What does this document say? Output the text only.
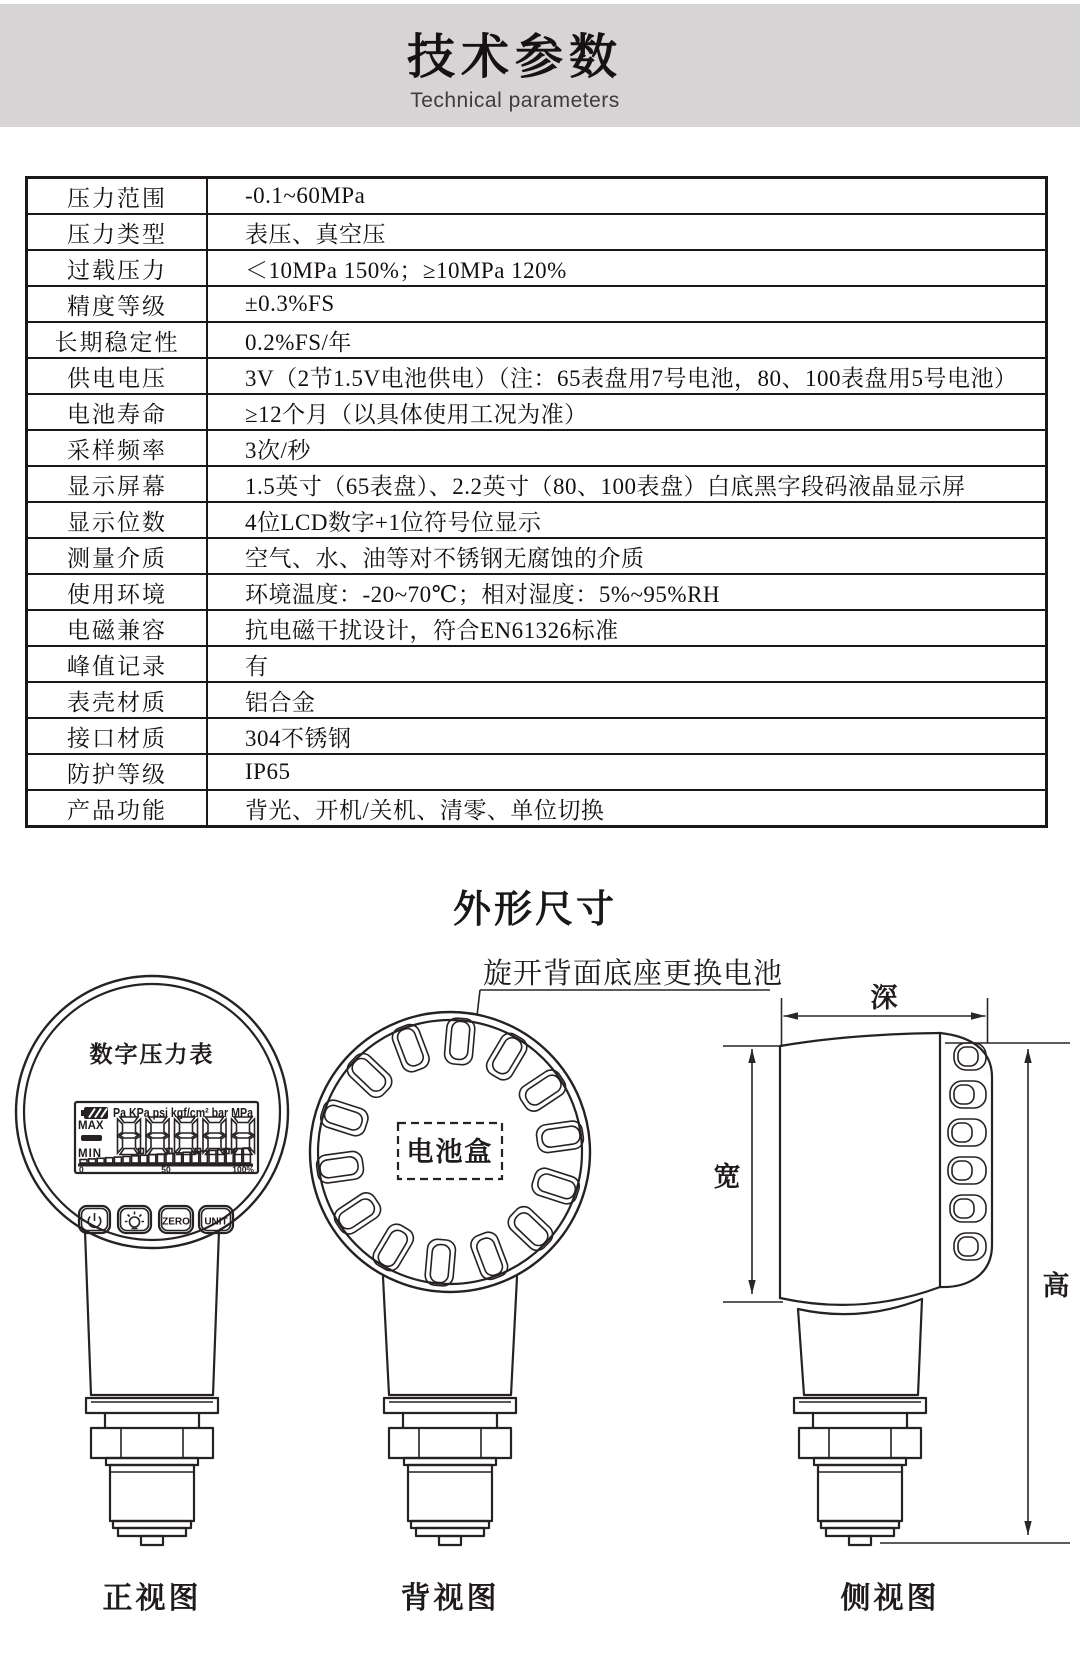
技术参数
Technical parameters
压力范围	-0.1~60MPa
压力类型	表压、真空压
过载压力	＜10MPa 150%；≥10MPa 120%
精度等级	±0.3%FS
长期稳定性	0.2%FS/年
供电电压	3V（2节1.5V电池供电）（注：65表盘用7号电池，80、100表盘用5号电池）
电池寿命	≥12个月（以具体使用工况为准）
采样频率	3次/秒
显示屏幕	1.5英寸（65表盘）、2.2英寸（80、100表盘）白底黑字段码液晶显示屏
显示位数	4位LCD数字+1位符号位显示
测量介质	空气、水、油等对不锈钢无腐蚀的介质
使用环境	环境温度：-20~70℃；相对湿度：5%~95%RH
电磁兼容	抗电磁干扰设计，符合EN61326标准
峰值记录	有
表壳材质	铝合金
接口材质	304不锈钢
防护等级	IP65
产品功能	背光、开机/关机、清零、单位切换
外形尺寸
旋开背面底座更换电池
数字压力表
Pa KPa psi kgf/cm² bar MPa
MAX
MIN
0	50	100%
ZERO UNIT
电池盒
深
宽
高
正视图	背视图	侧视图
